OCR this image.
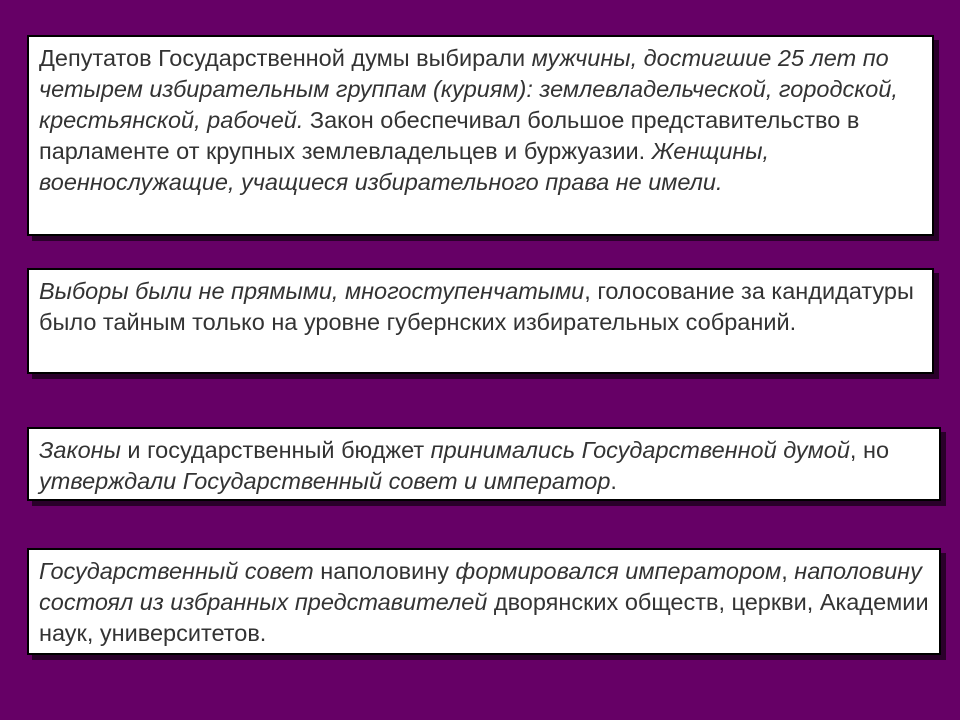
Депутатов Государственной думы выбирали мужчины, достигшие 25 лет по четырем избирательным группам (куриям): землевладельческой, городской, крестьянской, рабочей. Закон обеспечивал большое представительство в парламенте от крупных землевладельцев и буржуазии. Женщины, военнослужащие, учащиеся избирательного права не имели.
Выборы были не прямыми, многоступенчатыми, голосование за кандидатуры было тайным только на уровне губернских избирательных собраний.
Законы и государственный бюджет принимались Государственной думой, но утверждали Государственный совет и император.
Государственный совет наполовину формировался императором, наполовину состоял из избранных представителей дворянских обществ, церкви, Академии наук, университетов.
